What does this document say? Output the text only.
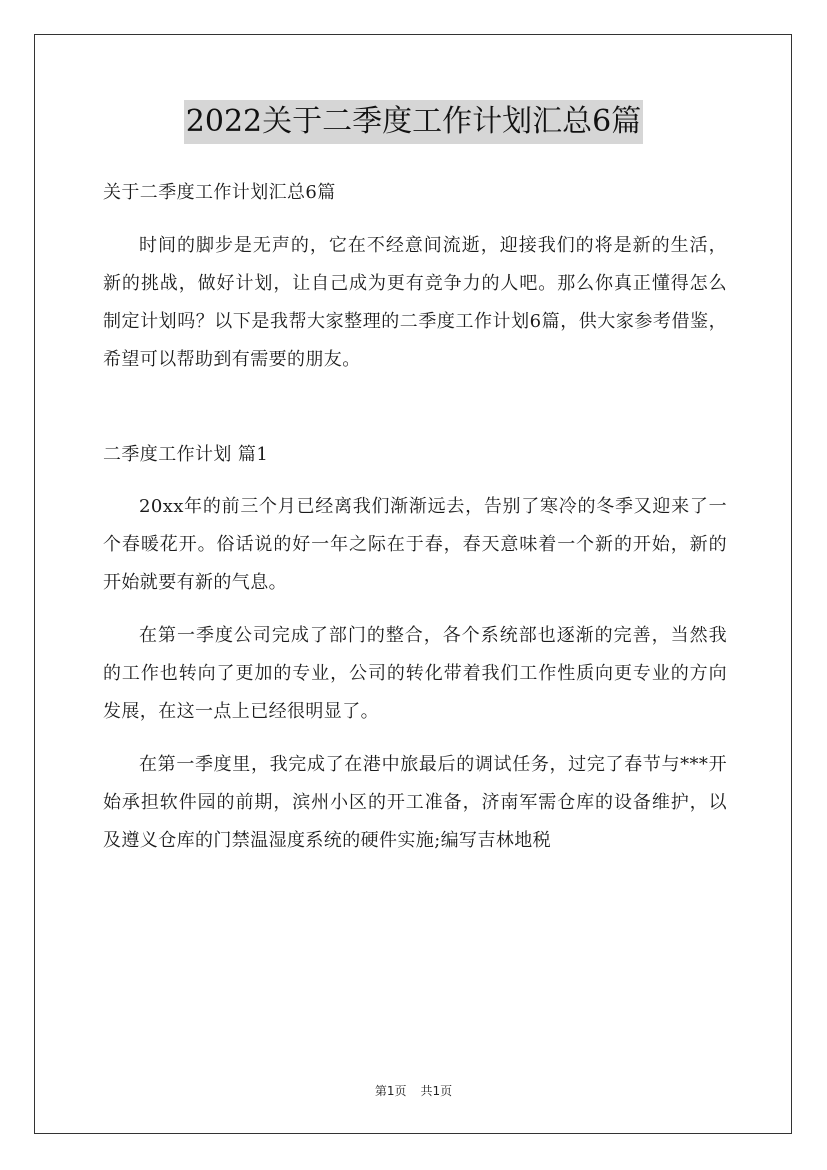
2022关于二季度工作计划汇总6篇

关于二季度工作计划汇总6篇

时间的脚步是无声的，它在不经意间流逝，迎接我们的将是新的生活，新的挑战，做好计划，让自己成为更有竞争力的人吧。那么你真正懂得怎么制定计划吗？以下是我帮大家整理的二季度工作计划6篇，供大家参考借鉴，希望可以帮助到有需要的朋友。

二季度工作计划 篇1

20xx年的前三个月已经离我们渐渐远去，告别了寒冷的冬季又迎来了一个春暖花开。俗话说的好一年之际在于春，春天意味着一个新的开始，新的开始就要有新的气息。

在第一季度公司完成了部门的整合，各个系统部也逐渐的完善，当然我的工作也转向了更加的专业，公司的转化带着我们工作性质向更专业的方向发展，在这一点上已经很明显了。

在第一季度里，我完成了在港中旅最后的调试任务，过完了春节与***开始承担软件园的前期，滨州小区的开工准备，济南军需仓库的设备维护，以及遵义仓库的门禁温湿度系统的硬件实施;编写吉林地税

第1页 共1页
